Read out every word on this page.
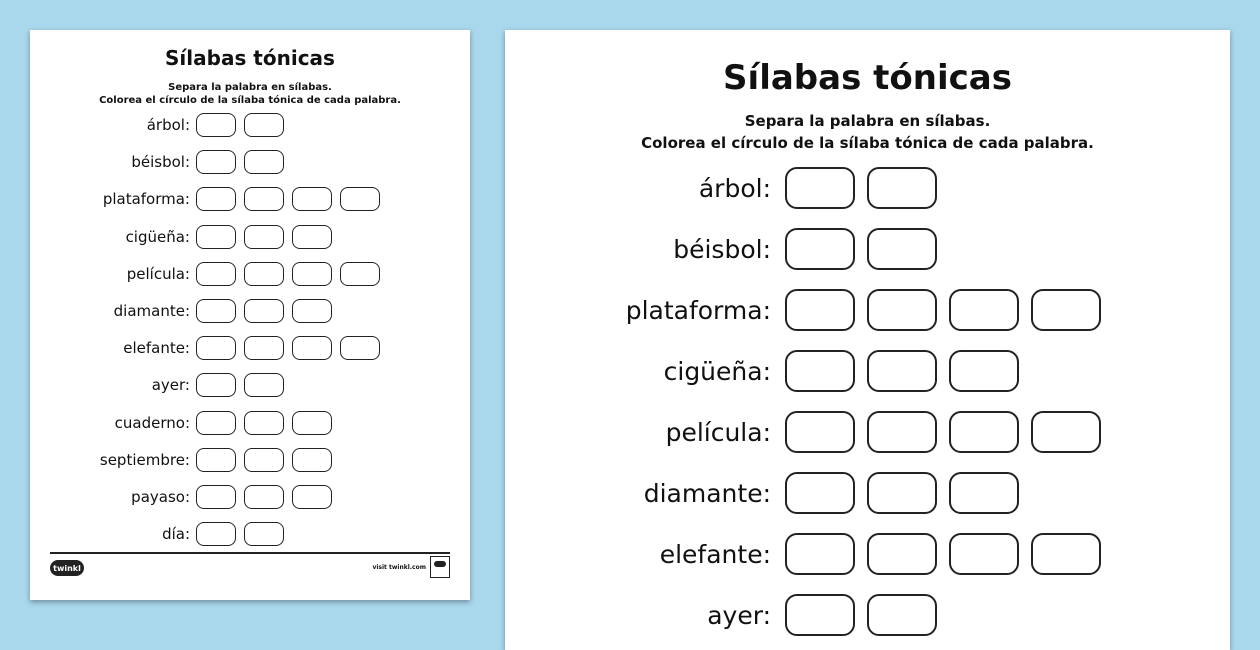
Sílabas tónicas
Separa la palabra en sílabas.
Colorea el círculo de la sílaba tónica de cada palabra.
árbol:
béisbol:
plataforma:
cigüeña:
película:
diamante:
elefante:
ayer:
cuaderno:
septiembre:
payaso:
día:
twinkl	visit twinkl.com
Sílabas tónicas
Separa la palabra en sílabas.
Colorea el círculo de la sílaba tónica de cada palabra.
árbol:
béisbol:
plataforma:
cigüeña:
película:
diamante:
elefante:
ayer:
